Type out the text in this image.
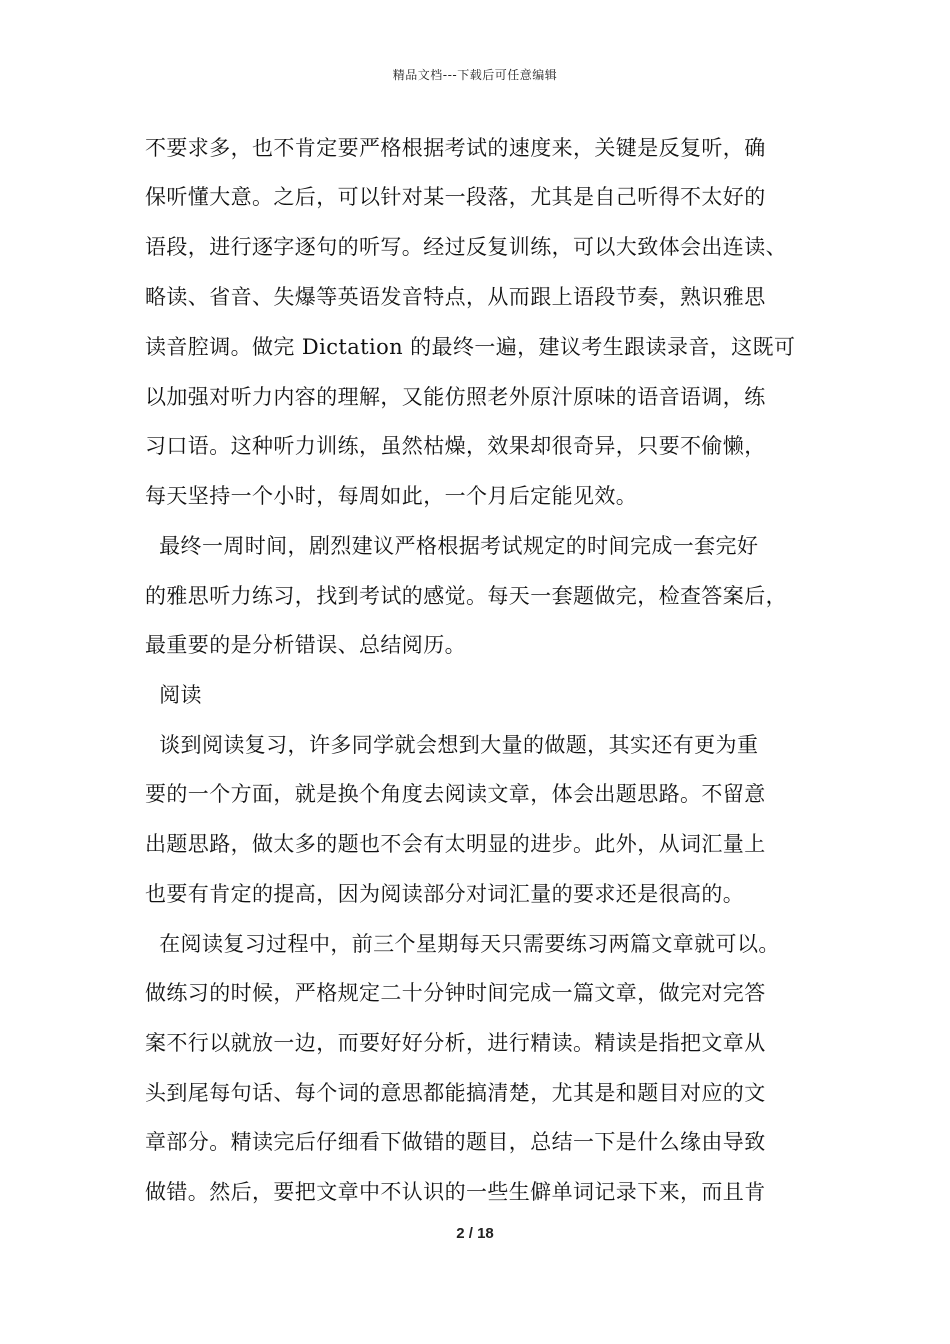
精品文档---下载后可任意编辑
不要求多，也不肯定要严格根据考试的速度来，关键是反复听，确
保听懂大意。之后，可以针对某一段落，尤其是自己听得不太好的
语段，进行逐字逐句的听写。经过反复训练，可以大致体会出连读、
略读、省音、失爆等英语发音特点，从而跟上语段节奏，熟识雅思
读音腔调。做完 Dictation 的最终一遍，建议考生跟读录音，这既可
以加强对听力内容的理解，又能仿照老外原汁原味的语音语调，练
习口语。这种听力训练，虽然枯燥，效果却很奇异，只要不偷懒，
每天坚持一个小时，每周如此，一个月后定能见效。
最终一周时间，剧烈建议严格根据考试规定的时间完成一套完好
的雅思听力练习，找到考试的感觉。每天一套题做完，检查答案后，
最重要的是分析错误、总结阅历。
阅读
谈到阅读复习，许多同学就会想到大量的做题，其实还有更为重
要的一个方面，就是换个角度去阅读文章，体会出题思路。不留意
出题思路，做太多的题也不会有太明显的进步。此外，从词汇量上
也要有肯定的提高，因为阅读部分对词汇量的要求还是很高的。
在阅读复习过程中，前三个星期每天只需要练习两篇文章就可以。
做练习的时候，严格规定二十分钟时间完成一篇文章，做完对完答
案不行以就放一边，而要好好分析，进行精读。精读是指把文章从
头到尾每句话、每个词的意思都能搞清楚，尤其是和题目对应的文
章部分。精读完后仔细看下做错的题目，总结一下是什么缘由导致
做错。然后，要把文章中不认识的一些生僻单词记录下来，而且肯
2 / 18
